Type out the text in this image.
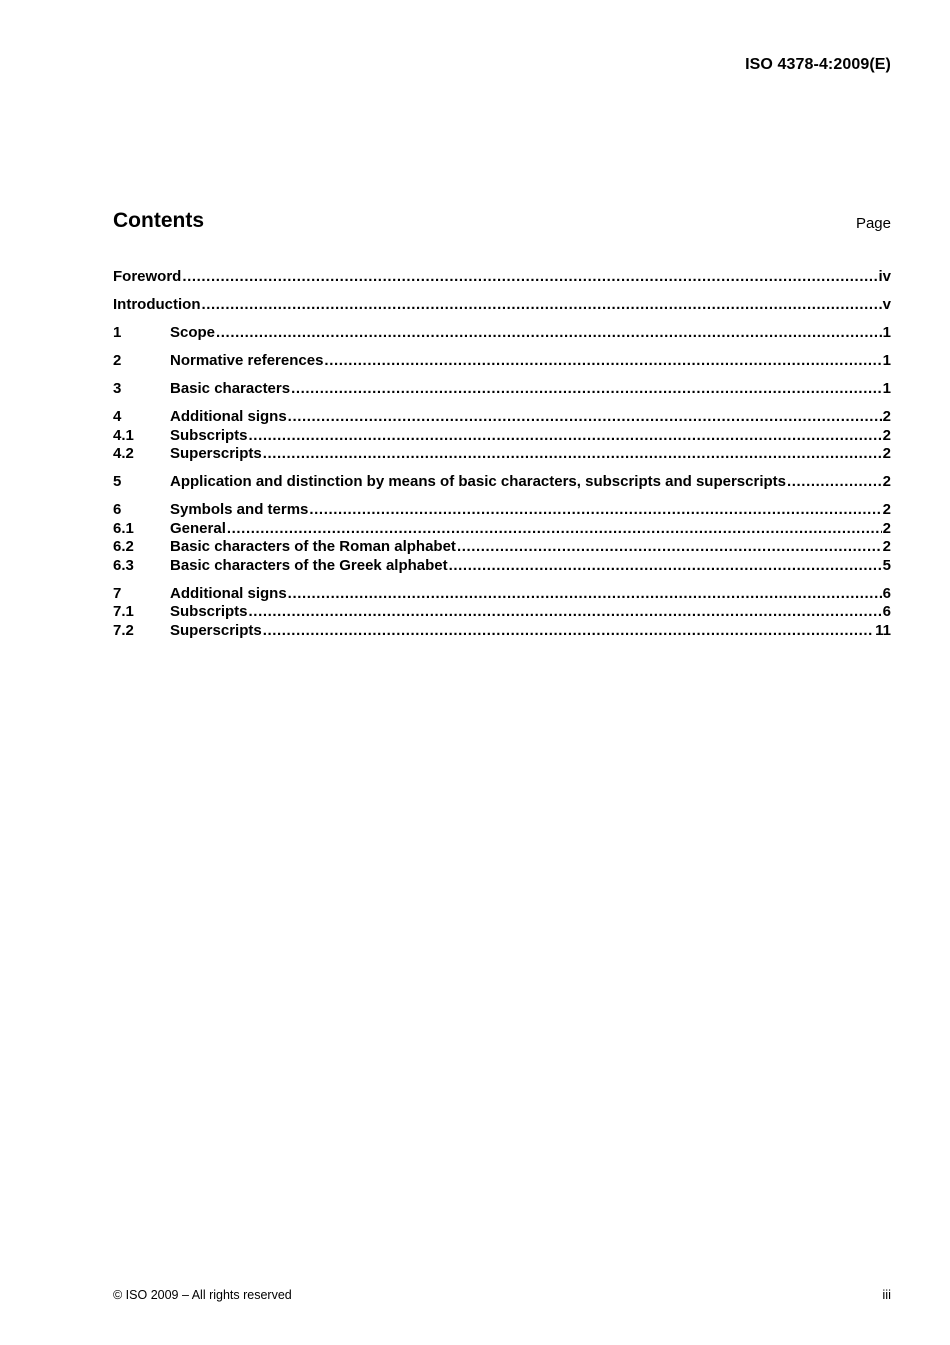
ISO 4378-4:2009(E)
Contents	Page
Foreword .....	iv
Introduction .....	v
1	Scope .....	1
2	Normative references .....	1
3	Basic characters .....	1
4	Additional signs .....	2
4.1	Subscripts .....	2
4.2	Superscripts .....	2
5	Application and distinction by means of basic characters, subscripts and superscripts .....	2
6	Symbols and terms .....	2
6.1	General .....	2
6.2	Basic characters of the Roman alphabet .....	2
6.3	Basic characters of the Greek alphabet .....	5
7	Additional signs .....	6
7.1	Subscripts .....	6
7.2	Superscripts .....	11
© ISO 2009 – All rights reserved	iii
